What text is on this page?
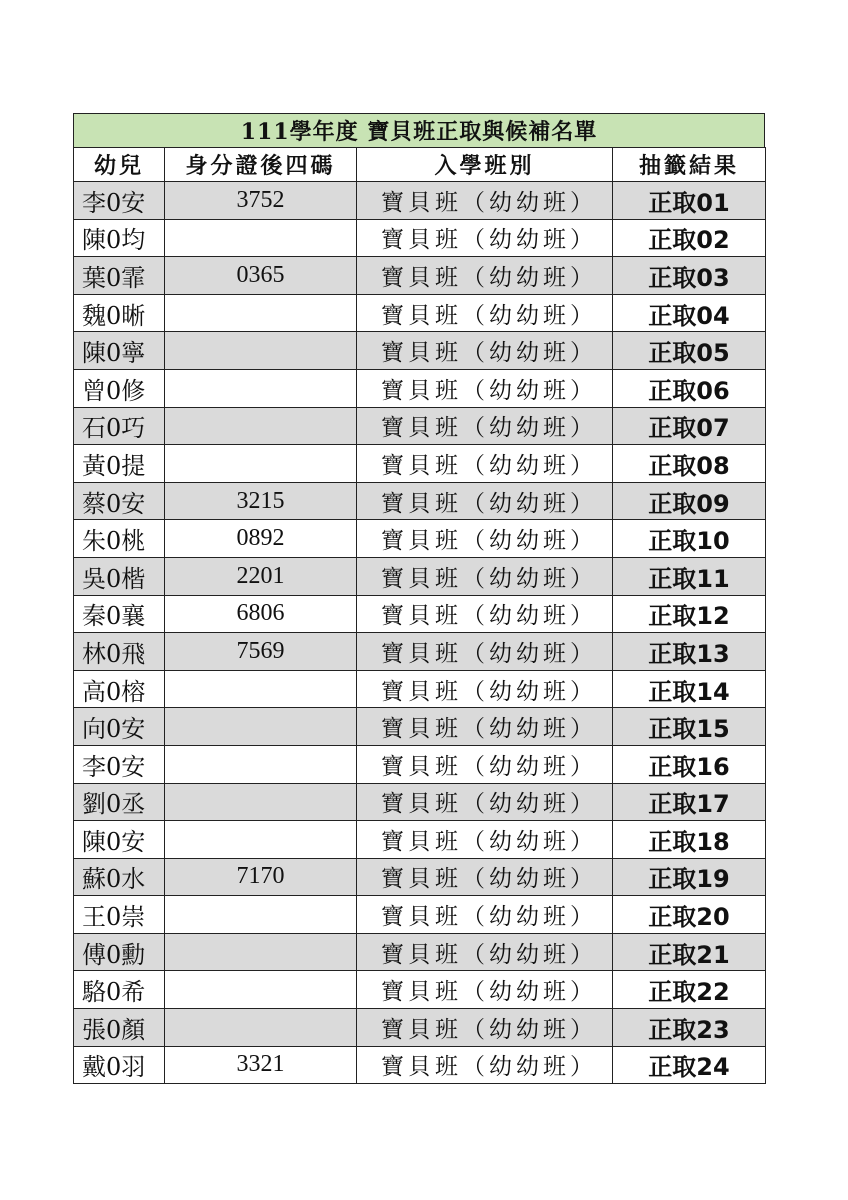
111學年度 寶貝班正取與候補名單
幼兒	身分證後四碼	入學班別	抽籤結果
李0安	3752	寶貝班（幼幼班）	正取01
陳0均		寶貝班（幼幼班）	正取02
葉0霏	0365	寶貝班（幼幼班）	正取03
魏0晰		寶貝班（幼幼班）	正取04
陳0寧		寶貝班（幼幼班）	正取05
曾0修		寶貝班（幼幼班）	正取06
石0巧		寶貝班（幼幼班）	正取07
黃0提		寶貝班（幼幼班）	正取08
蔡0安	3215	寶貝班（幼幼班）	正取09
朱0桃	0892	寶貝班（幼幼班）	正取10
吳0楷	2201	寶貝班（幼幼班）	正取11
秦0襄	6806	寶貝班（幼幼班）	正取12
林0飛	7569	寶貝班（幼幼班）	正取13
高0榕		寶貝班（幼幼班）	正取14
向0安		寶貝班（幼幼班）	正取15
李0安		寶貝班（幼幼班）	正取16
劉0丞		寶貝班（幼幼班）	正取17
陳0安		寶貝班（幼幼班）	正取18
蘇0水	7170	寶貝班（幼幼班）	正取19
王0崇		寶貝班（幼幼班）	正取20
傅0勳		寶貝班（幼幼班）	正取21
駱0希		寶貝班（幼幼班）	正取22
張0顏		寶貝班（幼幼班）	正取23
戴0羽	3321	寶貝班（幼幼班）	正取24
